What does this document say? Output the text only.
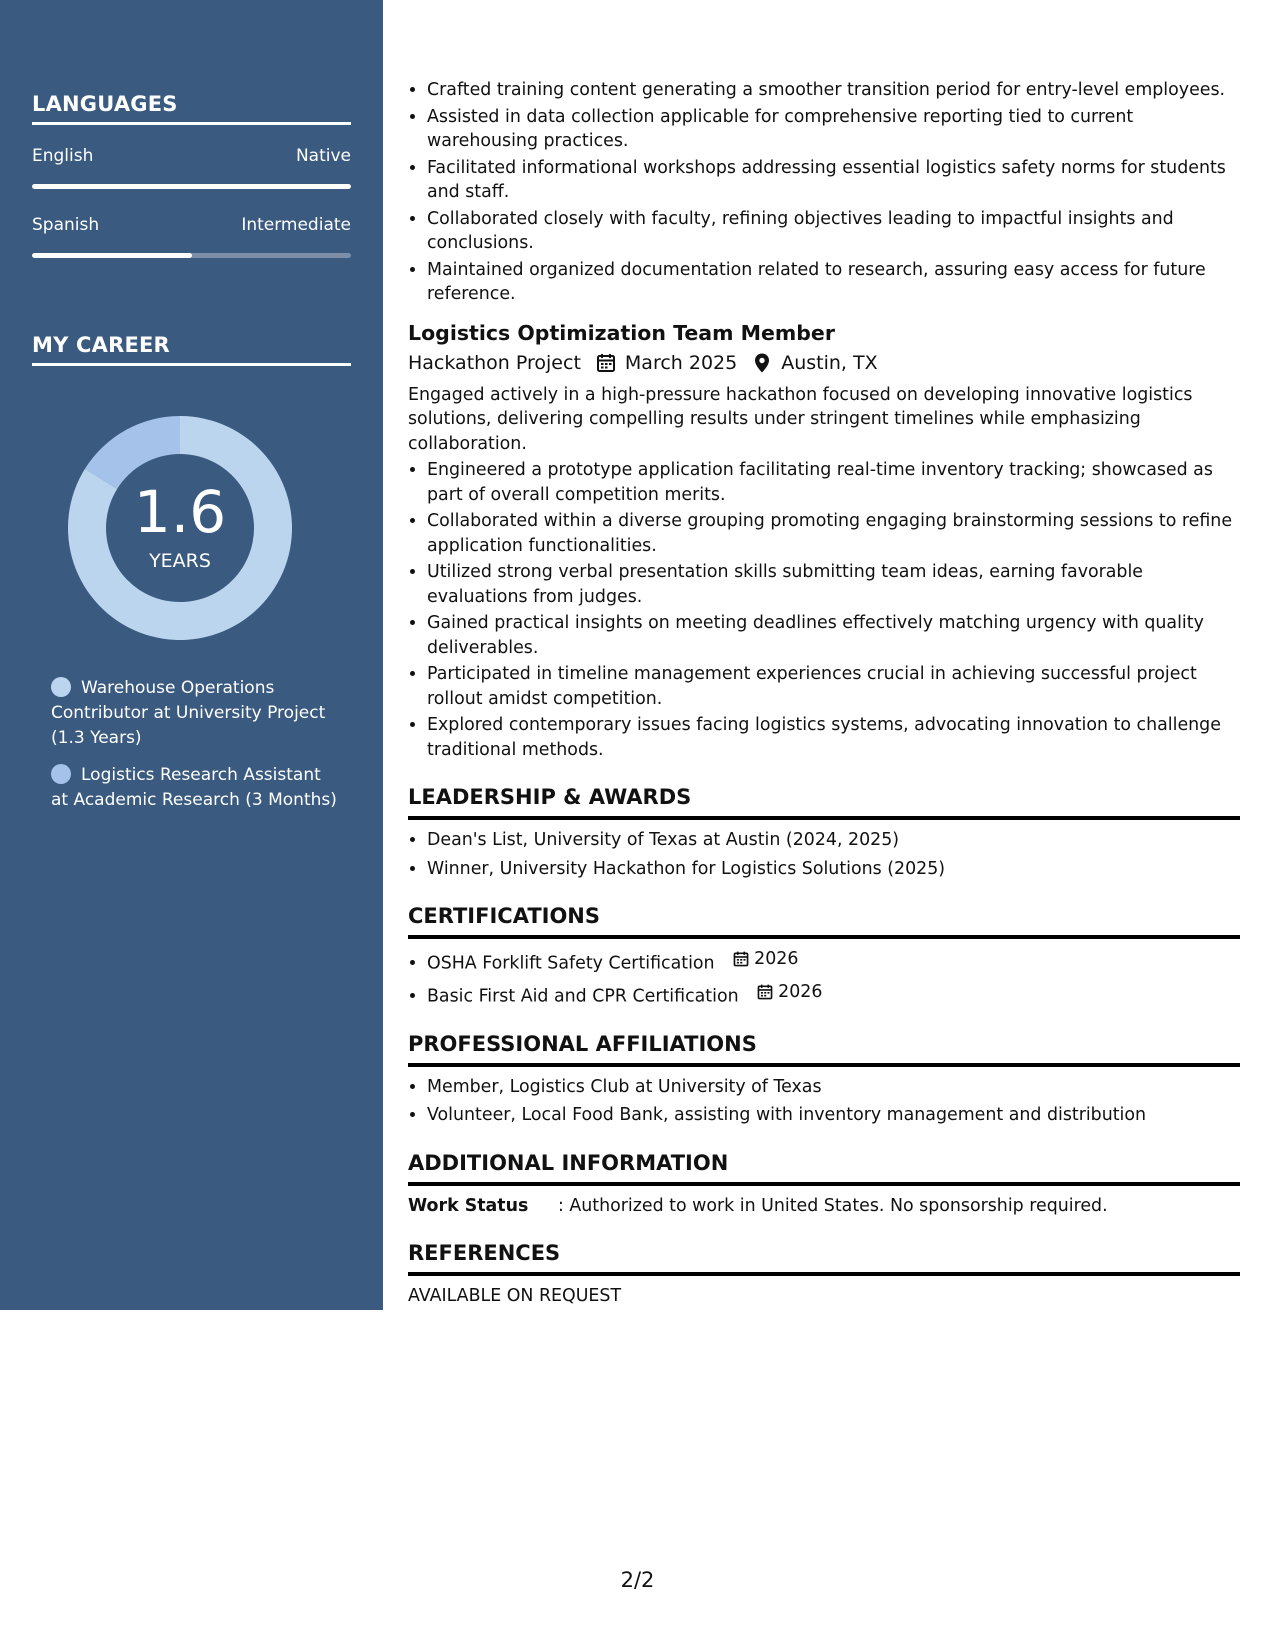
LANGUAGES
English	Native
Spanish	Intermediate
MY CAREER
1.6
YEARS
Warehouse Operations Contributor at University Project (1.3 Years)
Logistics Research Assistant at Academic Research (3 Months)
• Crafted training content generating a smoother transition period for entry-level employees.
• Assisted in data collection applicable for comprehensive reporting tied to current warehousing practices.
• Facilitated informational workshops addressing essential logistics safety norms for students and staff.
• Collaborated closely with faculty, refining objectives leading to impactful insights and conclusions.
• Maintained organized documentation related to research, assuring easy access for future reference.
Logistics Optimization Team Member
Hackathon Project March 2025 Austin, TX
Engaged actively in a high-pressure hackathon focused on developing innovative logistics solutions, delivering compelling results under stringent timelines while emphasizing collaboration.
• Engineered a prototype application facilitating real-time inventory tracking; showcased as part of overall competition merits.
• Collaborated within a diverse grouping promoting engaging brainstorming sessions to refine application functionalities.
• Utilized strong verbal presentation skills submitting team ideas, earning favorable evaluations from judges.
• Gained practical insights on meeting deadlines effectively matching urgency with quality deliverables.
• Participated in timeline management experiences crucial in achieving successful project rollout amidst competition.
• Explored contemporary issues facing logistics systems, advocating innovation to challenge traditional methods.
LEADERSHIP & AWARDS
• Dean's List, University of Texas at Austin (2024, 2025)
• Winner, University Hackathon for Logistics Solutions (2025)
CERTIFICATIONS
• OSHA Forklift Safety Certification 2026
• Basic First Aid and CPR Certification 2026
PROFESSIONAL AFFILIATIONS
• Member, Logistics Club at University of Texas
• Volunteer, Local Food Bank, assisting with inventory management and distribution
ADDITIONAL INFORMATION
Work Status	: Authorized to work in United States. No sponsorship required.
REFERENCES
AVAILABLE ON REQUEST
2/2
